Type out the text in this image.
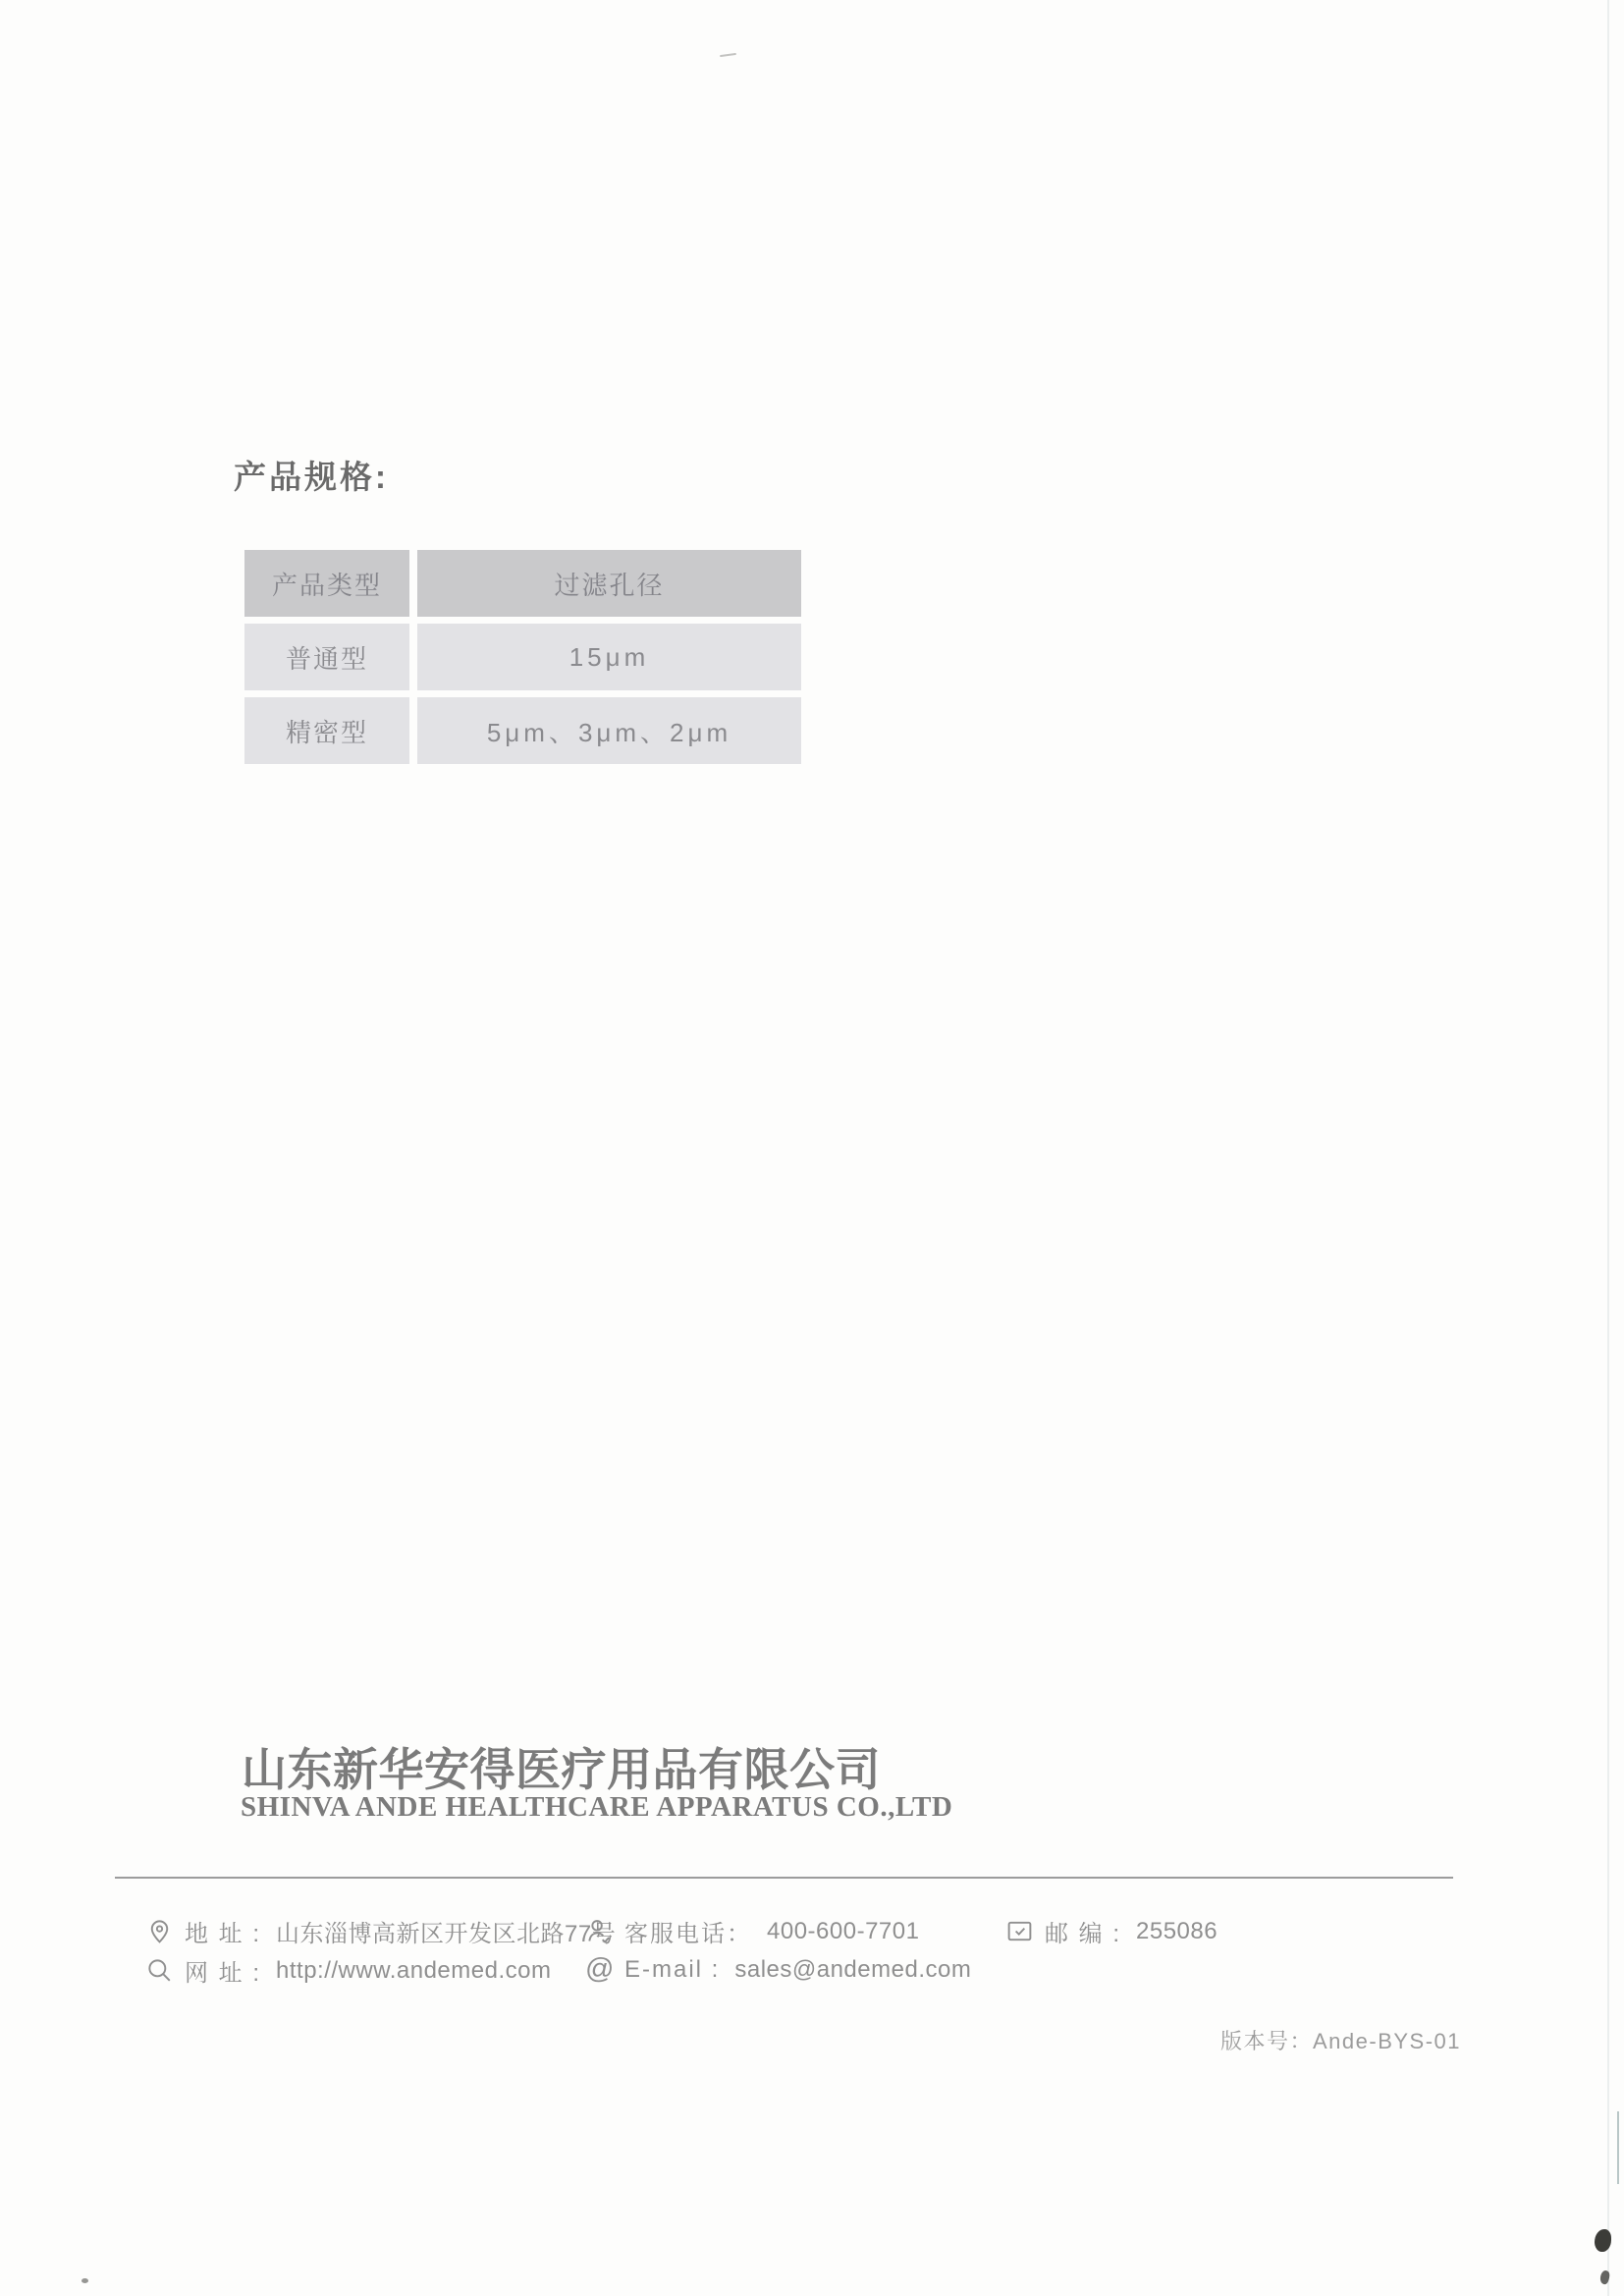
产品规格:
产品类型	过滤孔径
普通型	15μm
精密型	5μm、3μm、2μm
山东新华安得医疗用品有限公司
SHINVA ANDE HEALTHCARE APPARATUS CO.,LTD
地 址 : 山东淄博高新区开发区北路77号
网 址 : http://www.andemed.com
客服电话： 400-600-7701
@ E-mail : sales@andemed.com
邮 编 : 255086
版本号：Ande-BYS-01
